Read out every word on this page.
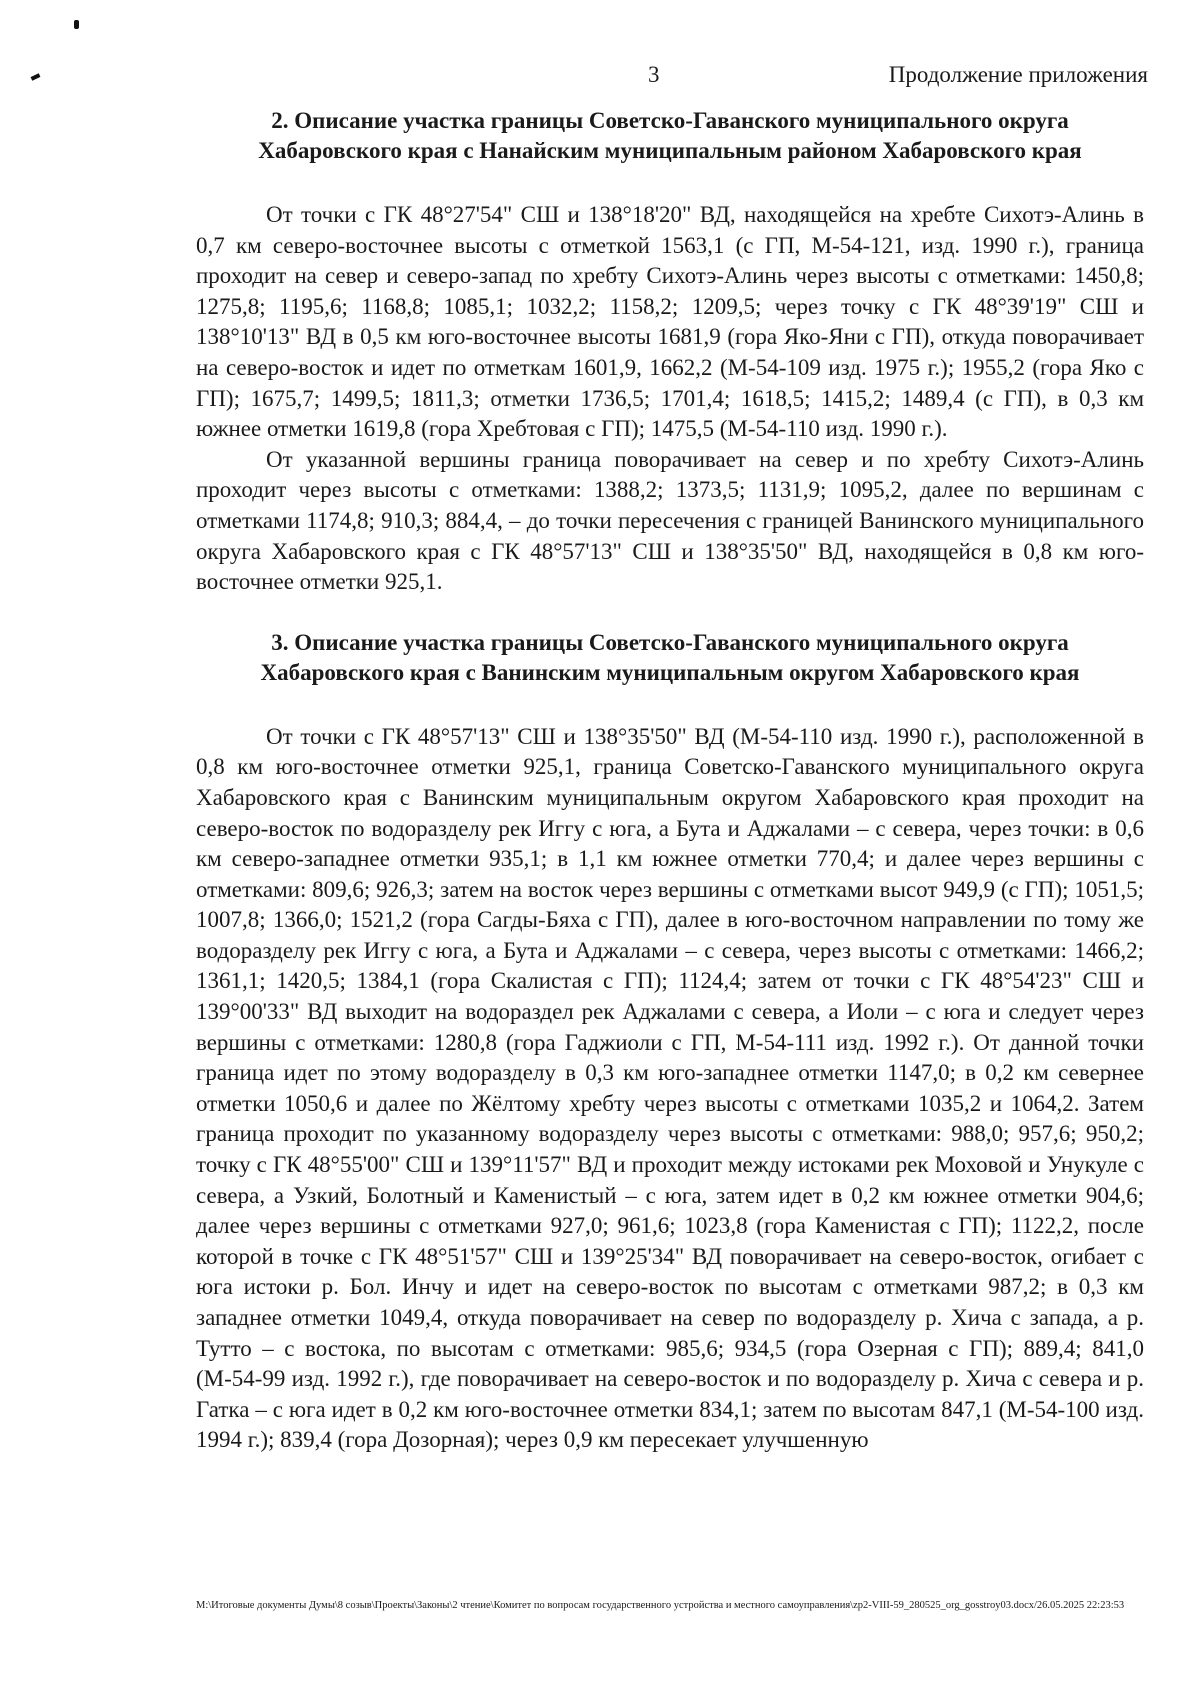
3	Продолжение приложения

2. Описание участка границы Советско-Гаванского муниципального округа
Хабаровского края с Нанайским муниципальным районом Хабаровского края

От точки с ГК 48°27'54" СШ и 138°18'20" ВД, находящейся на хребте Сихотэ-Алинь в 0,7 км северо-восточнее высоты с отметкой 1563,1 (с ГП, М-54-121, изд. 1990 г.), граница проходит на север и северо-запад по хребту Сихотэ-Алинь через высоты с отметками: 1450,8; 1275,8; 1195,6; 1168,8; 1085,1; 1032,2; 1158,2; 1209,5; через точку с ГК 48°39'19" СШ и 138°10'13" ВД в 0,5 км юго-восточнее высоты 1681,9 (гора Яко-Яни с ГП), откуда поворачивает на северо-восток и идет по отметкам 1601,9, 1662,2 (М-54-109 изд. 1975 г.); 1955,2 (гора Яко с ГП); 1675,7; 1499,5; 1811,3; отметки 1736,5; 1701,4; 1618,5; 1415,2; 1489,4 (с ГП), в 0,3 км южнее отметки 1619,8 (гора Хребтовая с ГП); 1475,5 (М-54-110 изд. 1990 г.).

От указанной вершины граница поворачивает на север и по хребту Сихотэ-Алинь проходит через высоты с отметками: 1388,2; 1373,5; 1131,9; 1095,2, далее по вершинам с отметками 1174,8; 910,3; 884,4, – до точки пересечения с границей Ванинского муниципального округа Хабаровского края с ГК 48°57'13" СШ и 138°35'50" ВД, находящейся в 0,8 км юго-восточнее отметки 925,1.

3. Описание участка границы Советско-Гаванского муниципального округа
Хабаровского края с Ванинским муниципальным округом Хабаровского края

От точки с ГК 48°57'13" СШ и 138°35'50" ВД (М-54-110 изд. 1990 г.), расположенной в 0,8 км юго-восточнее отметки 925,1, граница Советско-Гаванского муниципального округа Хабаровского края с Ванинским муниципальным округом Хабаровского края проходит на северо-восток по водоразделу рек Иггу с юга, а Бута и Аджалами – с севера, через точки: в 0,6 км северо-западнее отметки 935,1; в 1,1 км южнее отметки 770,4; и далее через вершины с отметками: 809,6; 926,3; затем на восток через вершины с отметками высот 949,9 (с ГП); 1051,5; 1007,8; 1366,0; 1521,2 (гора Сагды-Бяха с ГП), далее в юго-восточном направлении по тому же водоразделу рек Иггу с юга, а Бута и Аджалами – с севера, через высоты с отметками: 1466,2; 1361,1; 1420,5; 1384,1 (гора Скалистая с ГП); 1124,4; затем от точки с ГК 48°54'23" СШ и 139°00'33" ВД выходит на водораздел рек Аджалами с севера, а Иоли – с юга и следует через вершины с отметками: 1280,8 (гора Гаджиоли с ГП, М-54-111 изд. 1992 г.). От данной точки граница идет по этому водоразделу в 0,3 км юго-западнее отметки 1147,0; в 0,2 км севернее отметки 1050,6 и далее по Жёлтому хребту через высоты с отметками 1035,2 и 1064,2. Затем граница проходит по указанному водоразделу через высоты с отметками: 988,0; 957,6; 950,2; точку с ГК 48°55'00" СШ и 139°11'57" ВД и проходит между истоками рек Моховой и Унукуле с севера, а Узкий, Болотный и Каменистый – с юга, затем идет в 0,2 км южнее отметки 904,6; далее через вершины с отметками 927,0; 961,6; 1023,8 (гора Каменистая с ГП); 1122,2, после которой в точке с ГК 48°51'57" СШ и 139°25'34" ВД поворачивает на северо-восток, огибает с юга истоки р. Бол. Инчу и идет на северо-восток по высотам с отметками 987,2; в 0,3 км западнее отметки 1049,4, откуда поворачивает на север по водоразделу р. Хича с запада, а р. Тутто – с востока, по высотам с отметками: 985,6; 934,5 (гора Озерная с ГП); 889,4; 841,0 (М-54-99 изд. 1992 г.), где поворачивает на северо-восток и по водоразделу р. Хича с севера и р. Гатка – с юга идет в 0,2 км юго-восточнее отметки 834,1; затем по высотам 847,1 (М-54-100 изд. 1994 г.); 839,4 (гора Дозорная); через 0,9 км пересекает улучшенную

M:\Итоговые документы Думы\8 созыв\Проекты\Законы\2 чтение\Комитет по вопросам государственного устройства и местного самоуправления\zp2-VIII-59_280525_org_gosstroy03.docx/26.05.2025 22:23:53
